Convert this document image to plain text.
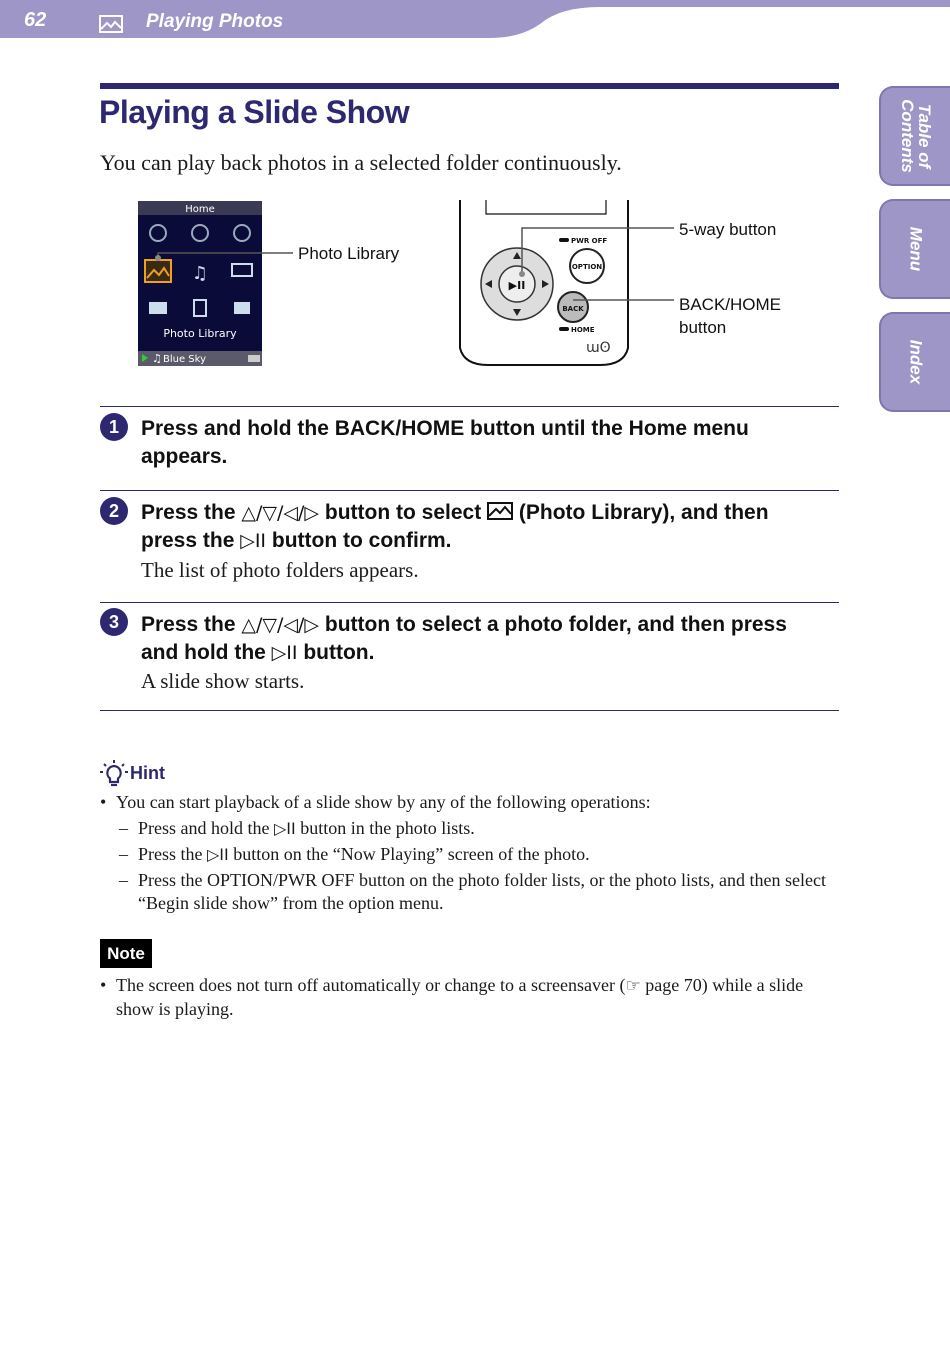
62	Playing Photos
Table of Contents
Menu
Index
Playing a Slide Show
You can play back photos in a selected folder continuously.
Home
♫
Photo Library
♫ Blue Sky
▶II
OPTION
BACK
PWR OFF
HOME
ɯʘ
Photo Library
5-way button
BACK/HOME
button
1	Press and hold the BACK/HOME button until the Home menu
appears.
2	Press the △/▽/◁/▷ button to select  (Photo Library), and then
press the ▷II button to confirm.
The list of photo folders appears.
3	Press the △/▽/◁/▷ button to select a photo folder, and then press
and hold the ▷II button.
A slide show starts.
Hint
• You can start playback of a slide show by any of the following operations:
– Press and hold the ▷II button in the photo lists.
– Press the ▷II button on the “Now Playing” screen of the photo.
– Press the OPTION/PWR OFF button on the photo folder lists, or the photo lists, and then select “Begin slide show” from the option menu.
Note
• The screen does not turn off automatically or change to a screensaver (☞ page 70) while a slide show is playing.
